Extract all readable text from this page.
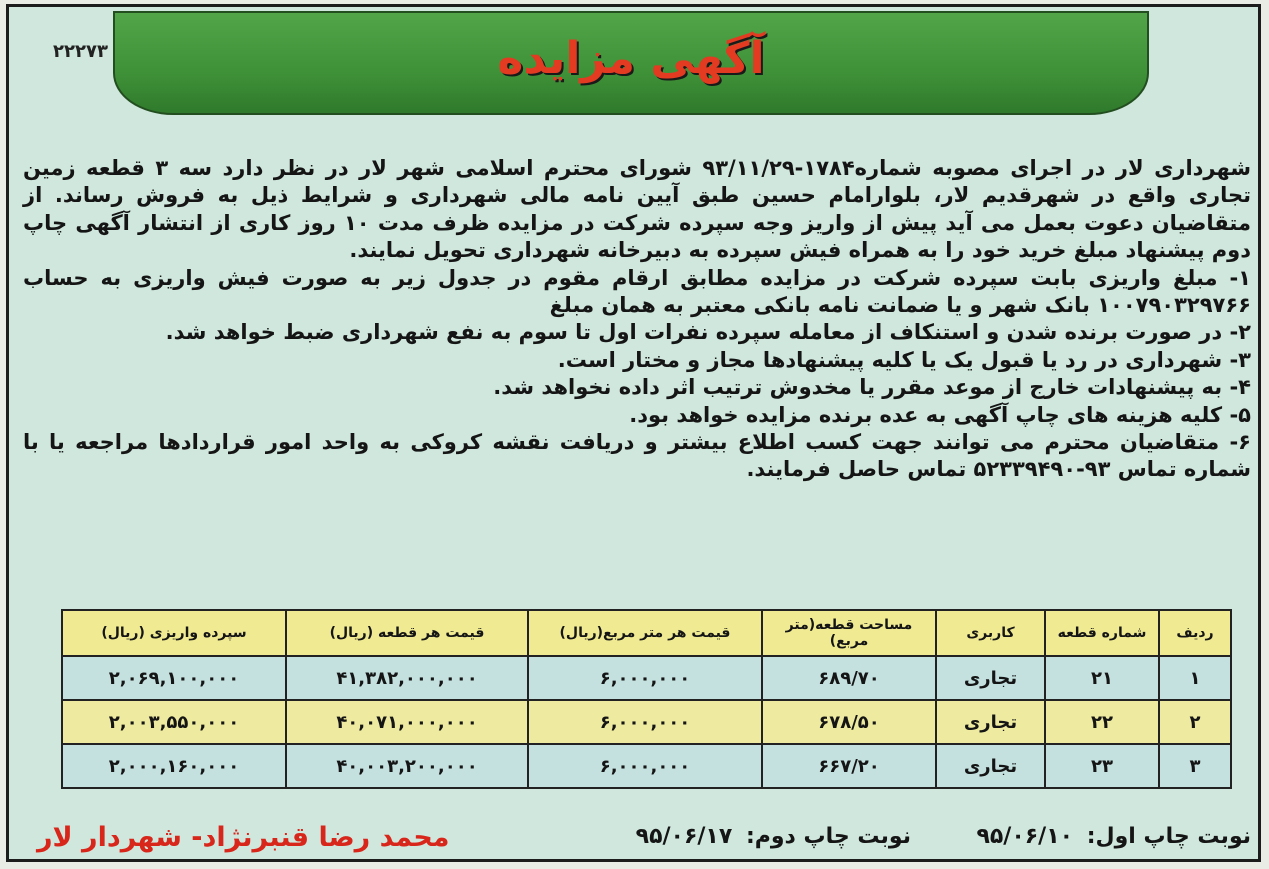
۲۲۲۷۳	آگهی مزایده

شهرداری لار در اجرای مصوبه شماره۱۷۸۴-۹۳/۱۱/۲۹ شورای محترم اسلامی شهر لار در نظر دارد سه ۳ قطعه زمین تجاری واقع در شهرقدیم لار، بلوارامام حسین طبق آیین نامه مالی شهرداری و شرایط ذیل به فروش رساند. از متقاضیان دعوت بعمل می آید پیش از واریز وجه سپرده شرکت در مزایده ظرف مدت ۱۰ روز کاری از انتشار آگهی چاپ دوم پیشنهاد مبلغ خرید خود را به همراه فیش سپرده به دبیرخانه شهرداری تحویل نمایند.

۱- مبلغ واریزی بابت سپرده شرکت در مزایده مطابق ارقام مقوم در جدول زیر به صورت فیش واریزی به حساب ۱۰۰۷۹۰۳۲۹۷۶۶ بانک شهر و یا ضمانت نامه بانکی معتبر به همان مبلغ

۲- در صورت برنده شدن و استنکاف از معامله سپرده نفرات اول تا سوم به نفع شهرداری ضبط خواهد شد.

۳- شهرداری در رد یا قبول یک یا کلیه پیشنهادها مجاز و مختار است.

۴- به پیشنهادات خارج از موعد مقرر یا مخدوش ترتیب اثر داده نخواهد شد.

۵- کلیه هزینه های چاپ آگهی به عده برنده مزایده خواهد بود.

۶- متقاضیان محترم می توانند جهت کسب اطلاع بیشتر و دریافت نقشه کروکی به واحد امور قراردادها مراجعه یا با شماره تماس ۹۳-۵۲۳۳۹۴۹۰ تماس حاصل فرمایند.

ردیف	شماره قطعه	کاربری	مساحت قطعه(متر مربع)	قیمت هر متر مربع(ریال)	قیمت هر قطعه (ریال)	سپرده واریزی (ریال)
۱	۲۱	تجاری	۶۸۹/۷۰	۶,۰۰۰,۰۰۰	۴۱,۳۸۲,۰۰۰,۰۰۰	۲,۰۶۹,۱۰۰,۰۰۰
۲	۲۲	تجاری	۶۷۸/۵۰	۶,۰۰۰,۰۰۰	۴۰,۰۷۱,۰۰۰,۰۰۰	۲,۰۰۳,۵۵۰,۰۰۰
۳	۲۳	تجاری	۶۶۷/۲۰	۶,۰۰۰,۰۰۰	۴۰,۰۰۳,۲۰۰,۰۰۰	۲,۰۰۰,۱۶۰,۰۰۰
نوبت چاپ اول: ۹۵/۰۶/۱۰
نوبت چاپ دوم: ۹۵/۰۶/۱۷
محمد رضا قنبرنژاد- شهردار لار
